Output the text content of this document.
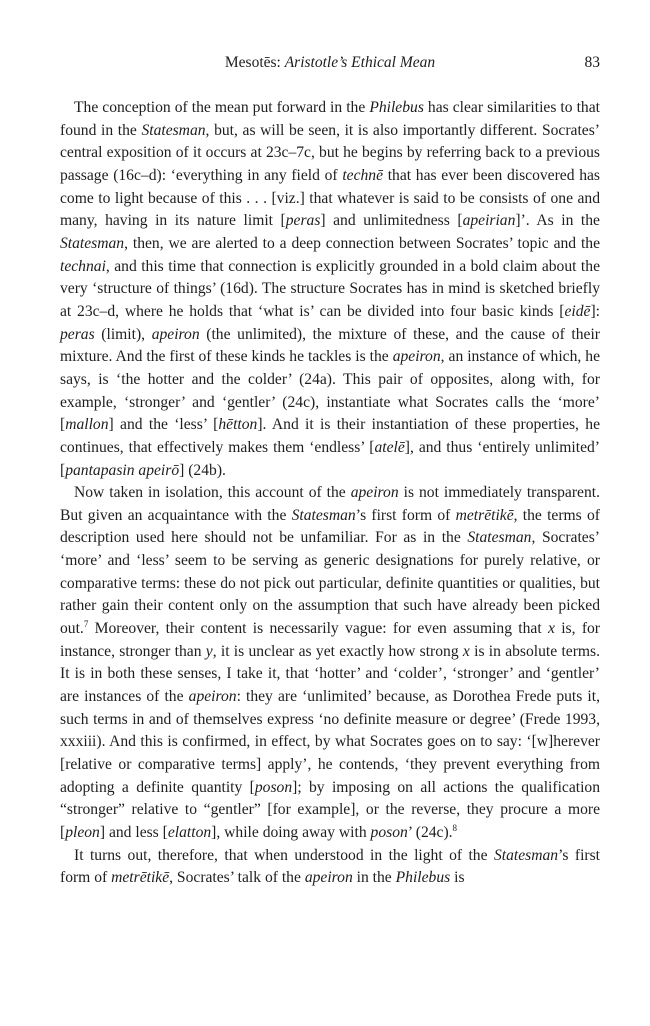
Mesotēs: Aristotle’s Ethical Mean	83

The conception of the mean put forward in the Philebus has clear similarities to that found in the Statesman, but, as will be seen, it is also importantly different. Socrates’ central exposition of it occurs at 23c–7c, but he begins by referring back to a previous passage (16c–d): ‘everything in any field of technē that has ever been discovered has come to light because of this . . . [viz.] that whatever is said to be consists of one and many, having in its nature limit [peras] and unlimitedness [apeirian]’. As in the Statesman, then, we are alerted to a deep connection between Socrates’ topic and the technai, and this time that connection is explicitly grounded in a bold claim about the very ‘structure of things’ (16d). The structure Socrates has in mind is sketched briefly at 23c–d, where he holds that ‘what is’ can be divided into four basic kinds [eidē]: peras (limit), apeiron (the unlimited), the mixture of these, and the cause of their mixture. And the first of these kinds he tackles is the apeiron, an instance of which, he says, is ‘the hotter and the colder’ (24a). This pair of opposites, along with, for example, ‘stronger’ and ‘gentler’ (24c), instantiate what Socrates calls the ‘more’ [mallon] and the ‘less’ [hētton]. And it is their instantiation of these properties, he continues, that effectively makes them ‘endless’ [atelē], and thus ‘entirely unlimited’ [pantapasin apeirō] (24b).

Now taken in isolation, this account of the apeiron is not immediately transparent. But given an acquaintance with the Statesman’s first form of metrētikē, the terms of description used here should not be unfamiliar. For as in the Statesman, Socrates’ ‘more’ and ‘less’ seem to be serving as generic designations for purely relative, or comparative terms: these do not pick out particular, definite quantities or qualities, but rather gain their content only on the assumption that such have already been picked out.$^7$ Moreover, their content is necessarily vague: for even assuming that x is, for instance, stronger than y, it is unclear as yet exactly how strong x is in absolute terms. It is in both these senses, I take it, that ‘hotter’ and ‘colder’, ‘stronger’ and ‘gentler’ are instances of the apeiron: they are ‘unlimited’ because, as Dorothea Frede puts it, such terms in and of themselves express ‘no definite measure or degree’ (Frede 1993, xxxiii). And this is confirmed, in effect, by what Socrates goes on to say: ‘[w]herever [relative or comparative terms] apply’, he contends, ‘they prevent everything from adopting a definite quantity [poson]; by imposing on all actions the qualification “stronger” relative to “gentler” [for example], or the reverse, they procure a more [pleon] and less [elatton], while doing away with poson’ (24c).$^8$

It turns out, therefore, that when understood in the light of the Statesman’s first form of metrētikē, Socrates’ talk of the apeiron in the Philebus is
